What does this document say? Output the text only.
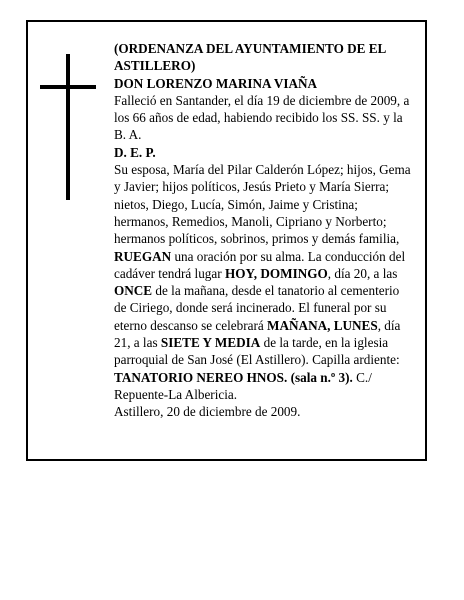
(ORDENANZA DEL AYUNTAMIENTO DE EL ASTILLERO)

DON LORENZO MARINA VIAÑA

Falleció en Santander, el día 19 de diciembre de 2009, a los 66 años de edad, habiendo recibido los SS. SS. y la B. A.

D. E. P.

Su esposa, María del Pilar Calderón López; hijos, Gema y Javier; hijos políticos, Jesús Prieto y María Sierra; nietos, Diego, Lucía, Simón, Jaime y Cristina; hermanos, Remedios, Manoli, Cipriano y Norberto; hermanos políticos, sobrinos, primos y demás familia, RUEGAN una oración por su alma. La conducción del cadáver tendrá lugar HOY, DOMINGO, día 20, a las ONCE de la mañana, desde el tanatorio al cementerio de Ciriego, donde será incinerado. El funeral por su eterno descanso se celebrará MAÑANA, LUNES, día 21, a las SIETE Y MEDIA de la tarde, en la iglesia parroquial de San José (El Astillero). Capilla ardiente: TANATORIO NEREO HNOS. (sala n.º 3). C./ Repuente-La Albericia.

Astillero, 20 de diciembre de 2009.
